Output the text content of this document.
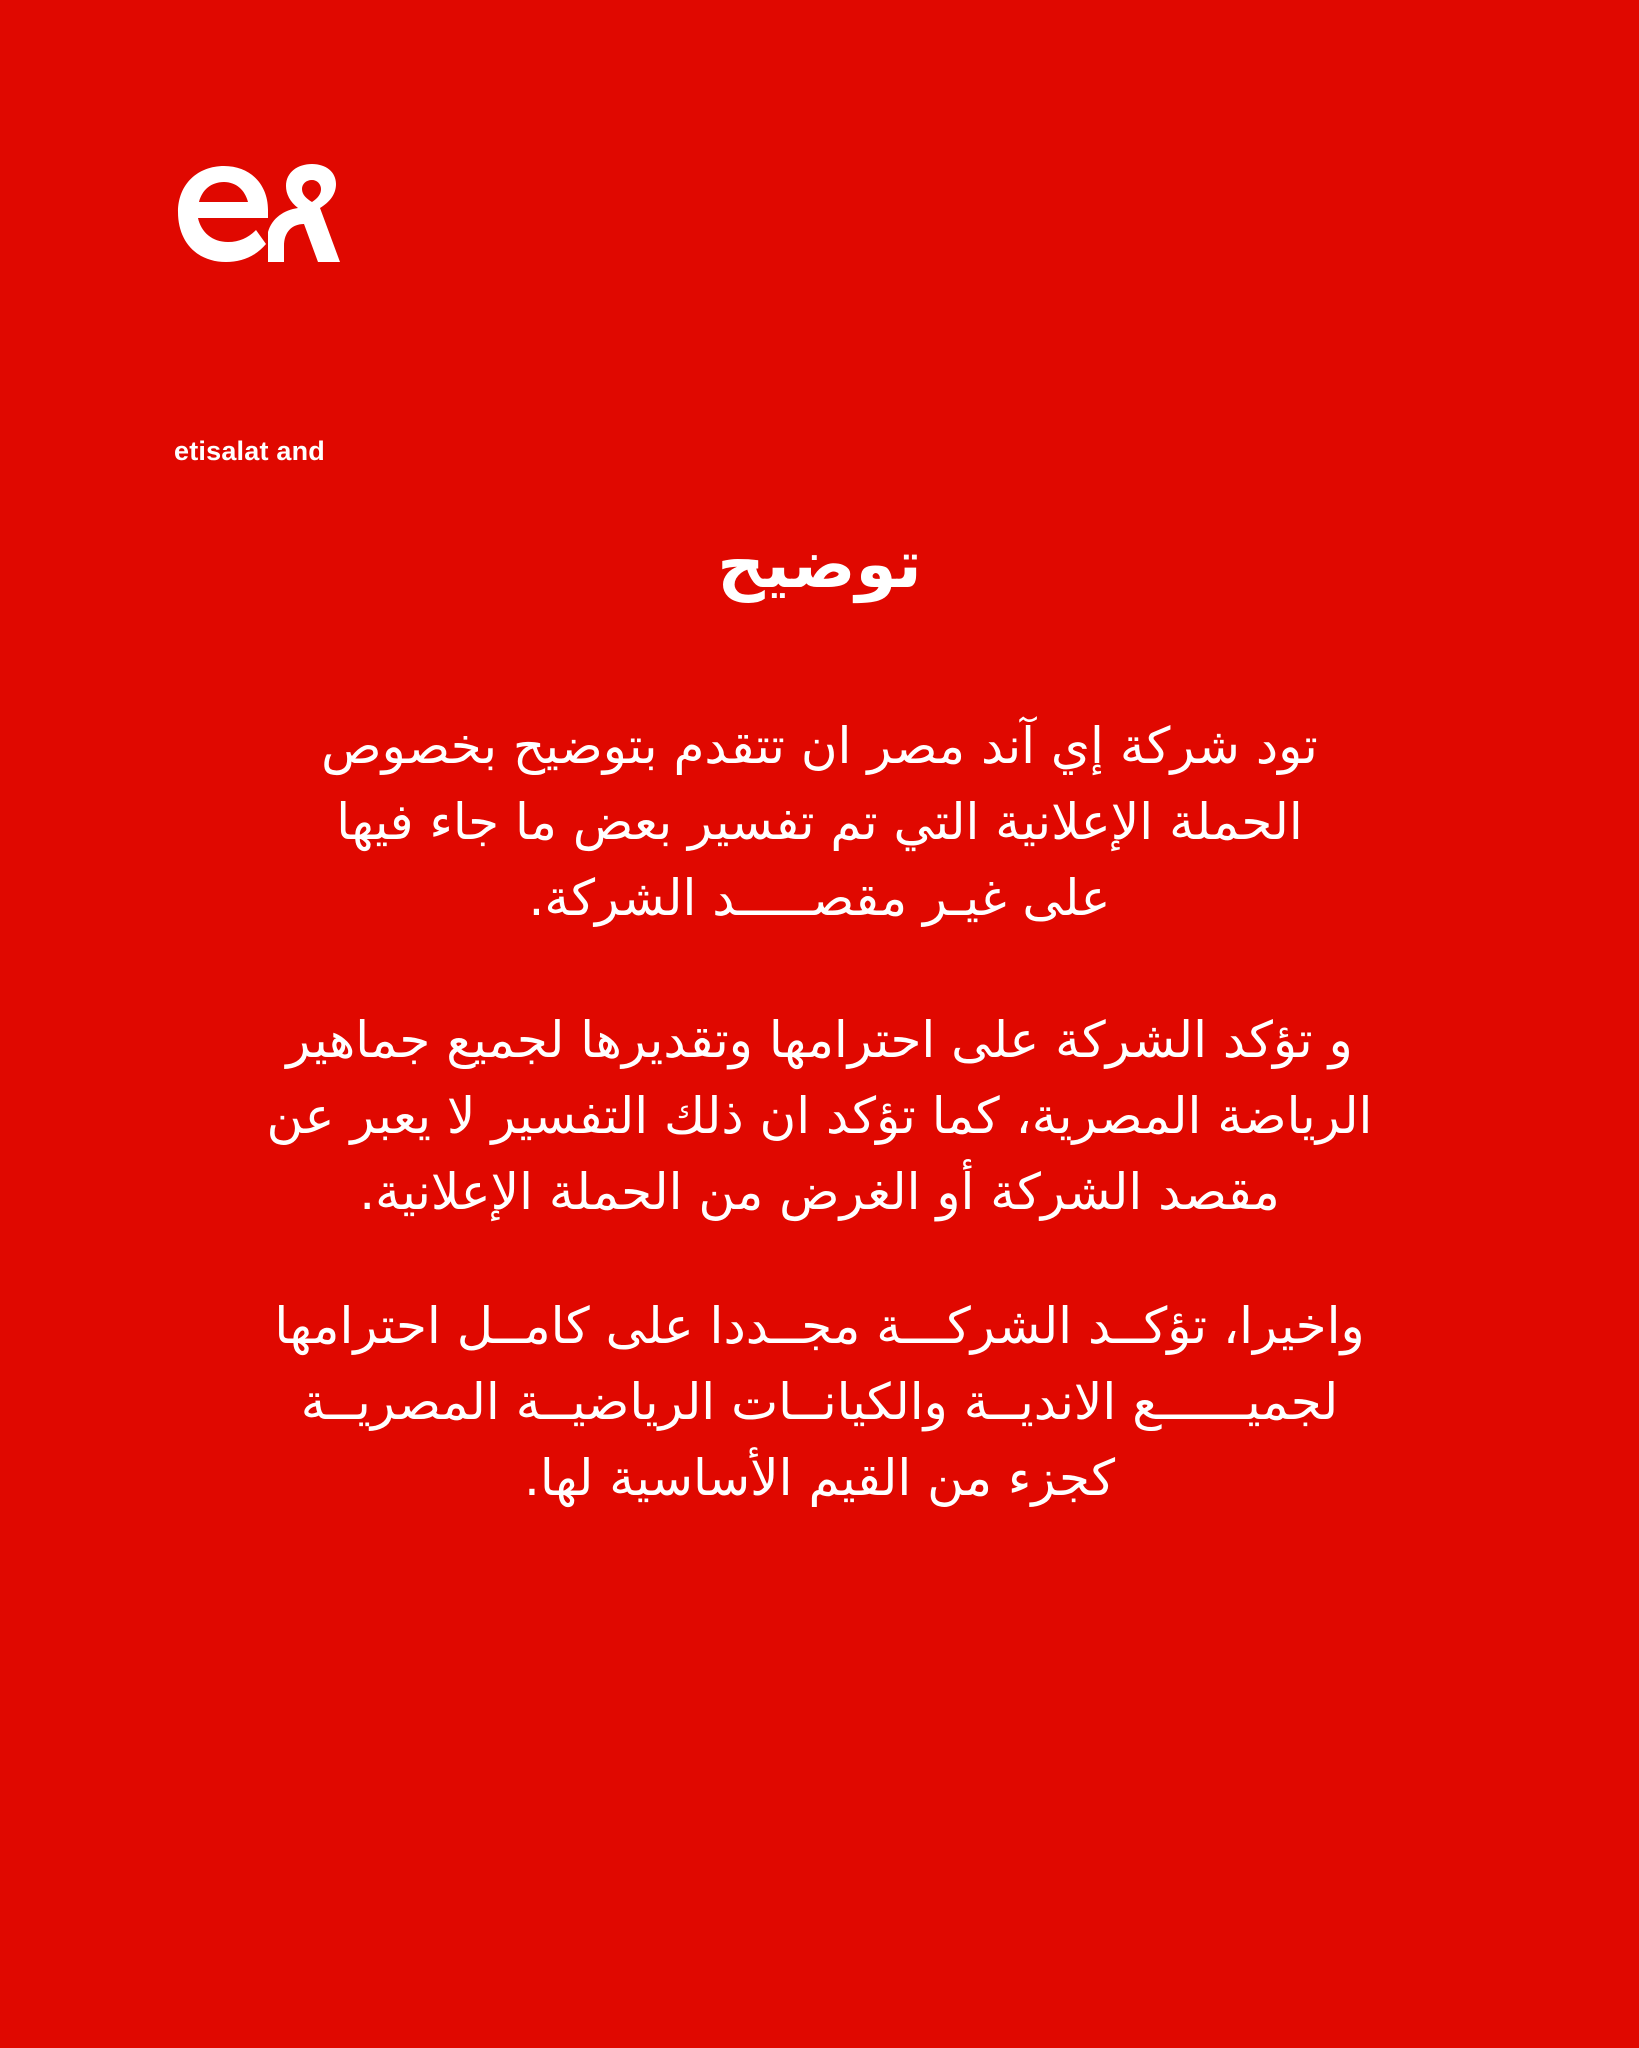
etisalat and
توضيح
تود شركة إي آند مصر ان تتقدم بتوضيح بخصوص
الحملة الإعلانية التي تم تفسير بعض ما جاء فيها
على غيـر مقصـــــد الشركة.
و تؤكد الشركة على احترامها وتقديرها لجميع جماهير
الرياضة المصرية، كما تؤكد ان ذلك التفسير لا يعبر عن
مقصد الشركة أو الغرض من الحملة الإعلانية.
واخيرا، تؤكــد الشركـــة مجــددا على كامــل احترامها
لجميــــــع الانديــة والكيانــات الرياضيــة المصريــة
كجزء من القيم الأساسية لها.
